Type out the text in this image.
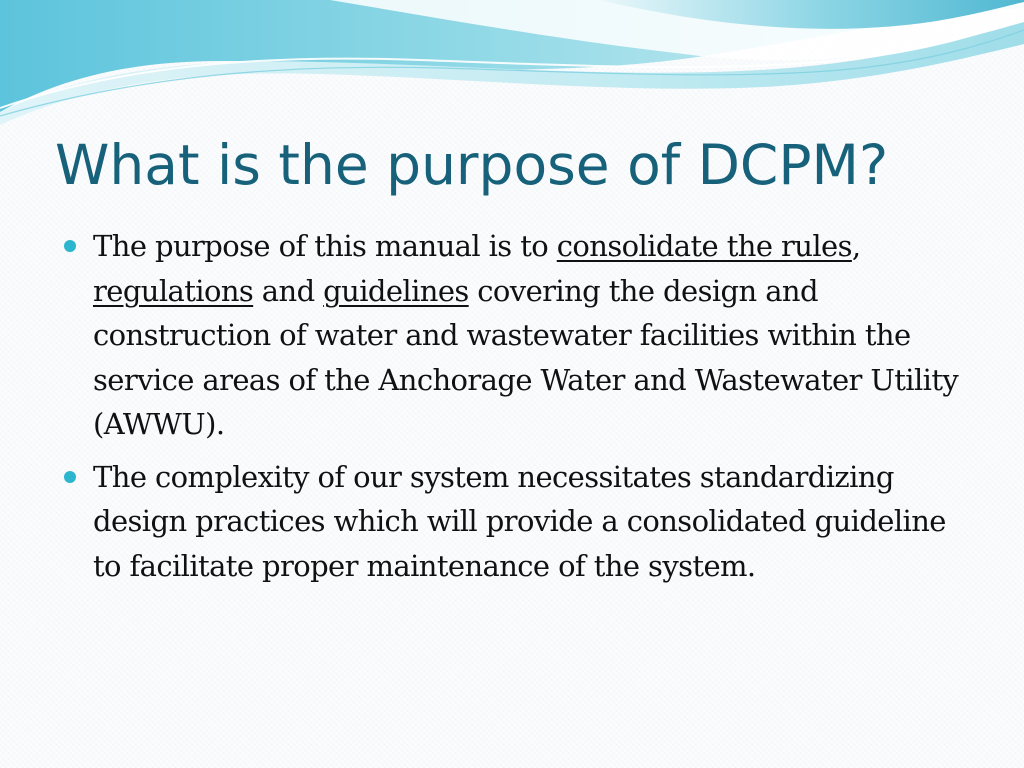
What is the purpose of DCPM?
The purpose of this manual is to consolidate the rules, regulations and guidelines covering the design and construction of water and wastewater facilities within the service areas of the Anchorage Water and Wastewater Utility (AWWU).
The complexity of our system necessitates standardizing design practices which will provide a consolidated guideline to facilitate proper maintenance of the system.
